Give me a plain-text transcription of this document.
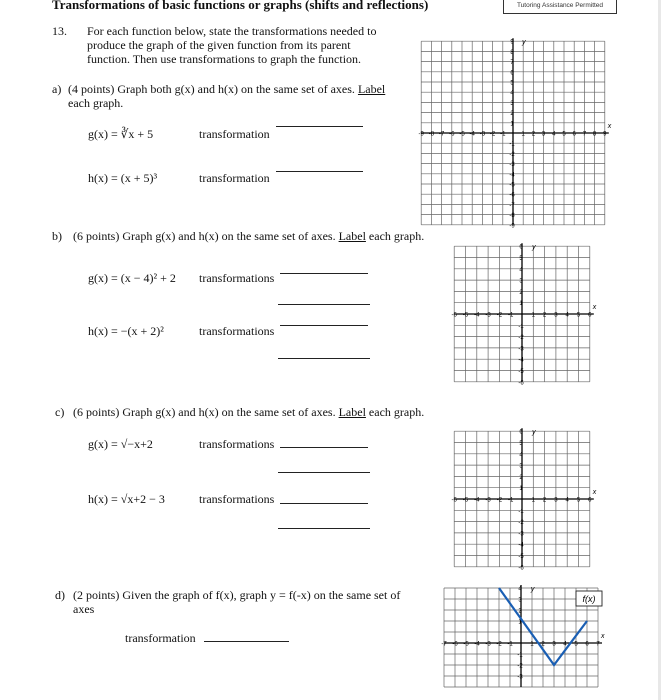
Transformations of basic functions or graphs (shifts and reflections)	Tutoring Assistance Permitted
13. For each function below, state the transformations needed to
produce the graph of the given function from its parent
function. Then use transformations to graph the function.
a) (4 points) Graph both g(x) and h(x) on the same set of axes. Label
each graph.
g(x) = ∛x + 5	transformation
h(x) = (x + 5)³	transformation
b) (6 points) Graph g(x) and h(x) on the same set of axes. Label each graph.
g(x) = (x − 4)² + 2 transformations
h(x) = −(x + 2)²	transformations
c) (6 points) Graph g(x) and h(x) on the same set of axes. Label each graph.
g(x) = √−x+2	transformations
h(x) = √x+2 − 3	transformations
d) (2 points) Given the graph of f(x), graph y = f(-x) on the same set of
axes
transformation
x
y
1 2 3 4 5 6 7 8 9
-9 -8 -7 -6 -5 -4 -3 -2 -1
9
8
7
6
5
4
3
2
1
-1
-2
-3
-4
-5
-6
-7
-8
-9
x
y
1 2 3 4 5 6
-6 -5 -4 -3 -2 -1
6
5
4
3
2
1
-1
-2
-3
-4
-5
-6
x
y
1 2 3 4 5 6
-6 -5 -4 -3 -2 -1
6
5
4
3
2
1
-1
-2
-3
-4
-5
-6
x
y
1 2 3 4 5 6 7
-7 -6 -5 -4 -3 -2 -1
4
3
2
1
-1
-2
-3
f(x)
